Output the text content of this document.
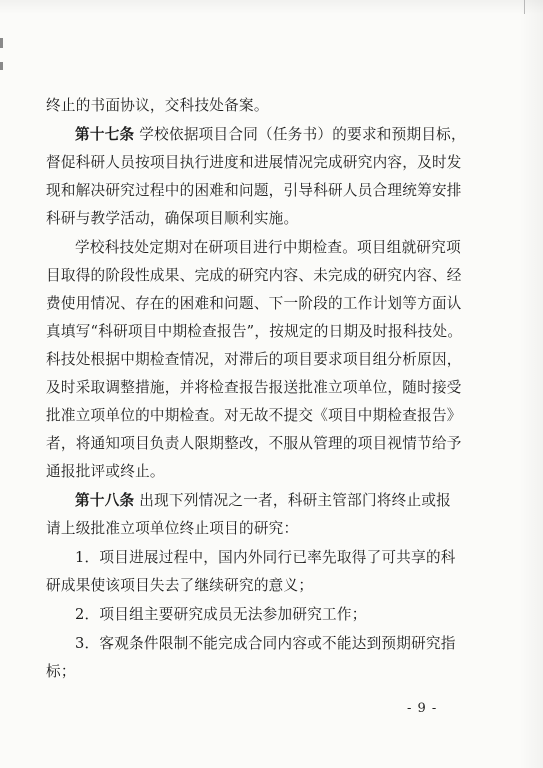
终止的书面协议，交科技处备案。
第十七条 学校依据项目合同（任务书）的要求和预期目标，
督促科研人员按项目执行进度和进展情况完成研究内容，及时发
现和解决研究过程中的困难和问题，引导科研人员合理统筹安排
科研与教学活动，确保项目顺利实施。
学校科技处定期对在研项目进行中期检查。项目组就研究项
目取得的阶段性成果、完成的研究内容、未完成的研究内容、经
费使用情况、存在的困难和问题、下一阶段的工作计划等方面认
真填写“科研项目中期检查报告”，按规定的日期及时报科技处。
科技处根据中期检查情况，对滞后的项目要求项目组分析原因，
及时采取调整措施，并将检查报告报送批准立项单位，随时接受
批准立项单位的中期检查。对无故不提交《项目中期检查报告》
者，将通知项目负责人限期整改，不服从管理的项目视情节给予
通报批评或终止。
第十八条 出现下列情况之一者，科研主管部门将终止或报
请上级批准立项单位终止项目的研究：
1．项目进展过程中，国内外同行已率先取得了可共享的科
研成果使该项目失去了继续研究的意义；
2．项目组主要研究成员无法参加研究工作；
3．客观条件限制不能完成合同内容或不能达到预期研究指
标；
- 9 -
